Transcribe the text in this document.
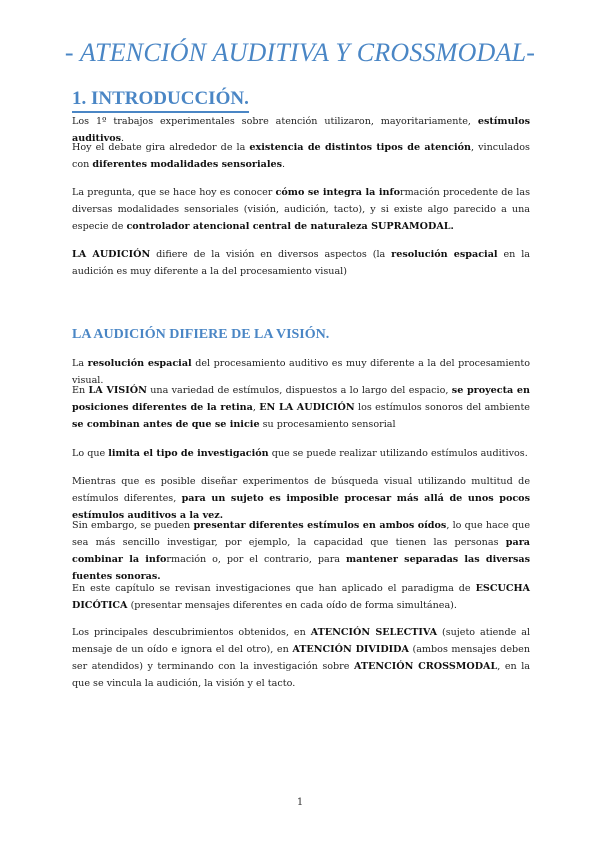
- ATENCIÓN AUDITIVA Y CROSSMODAL-
1. INTRODUCCIÓN.

Los 1º trabajos experimentales sobre atención utilizaron, mayoritariamente, estímulos auditivos.

Hoy el debate gira alrededor de la existencia de distintos tipos de atención, vinculados con diferentes modalidades sensoriales.

La pregunta, que se hace hoy es conocer cómo se integra la información procedente de las diversas modalidades sensoriales (visión, audición, tacto), y si existe algo parecido a una especie de controlador atencional central de naturaleza SUPRAMODAL.

LA AUDICIÓN difiere de la visión en diversos aspectos (la resolución espacial en la audición es muy diferente a la del procesamiento visual)

LA AUDICIÓN DIFIERE DE LA VISIÓN.

La resolución espacial del procesamiento auditivo es muy diferente a la del procesamiento visual.

En LA VISIÓN una variedad de estímulos, dispuestos a lo largo del espacio, se proyecta en posiciones diferentes de la retina, EN LA AUDICIÓN los estímulos sonoros del ambiente se combinan antes de que se inicie su procesamiento sensorial

Lo que limita el tipo de investigación que se puede realizar utilizando estímulos auditivos.

Mientras que es posible diseñar experimentos de búsqueda visual utilizando multitud de estímulos diferentes, para un sujeto es imposible procesar más allá de unos pocos estímulos auditivos a la vez.

Sin embargo, se pueden presentar diferentes estímulos en ambos oídos, lo que hace que sea más sencillo investigar, por ejemplo, la capacidad que tienen las personas para combinar la información o, por el contrario, para mantener separadas las diversas fuentes sonoras.

En este capítulo se revisan investigaciones que han aplicado el paradigma de ESCUCHA DICÓTICA (presentar mensajes diferentes en cada oído de forma simultánea).

Los principales descubrimientos obtenidos, en ATENCIÓN SELECTIVA (sujeto atiende al mensaje de un oído e ignora el del otro), en ATENCIÓN DIVIDIDA (ambos mensajes deben ser atendidos) y terminando con la investigación sobre ATENCIÓN CROSSMODAL, en la que se vincula la audición, la visión y el tacto.

1
